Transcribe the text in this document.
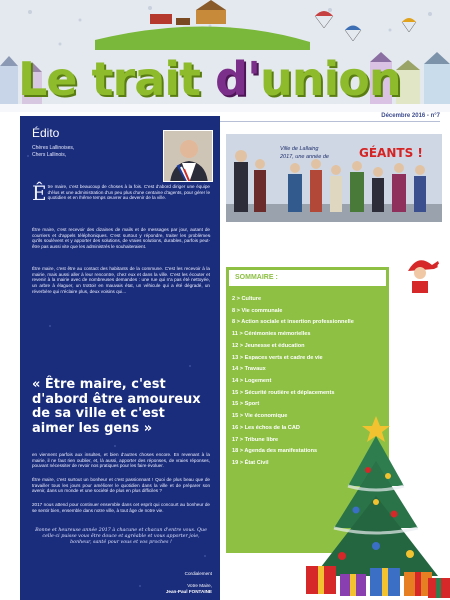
Le trait d'union
Décembre 2016 - n°7
Édito
Chères Lallinoises,
Chers Lallinois,

Être maire, c'est beaucoup de choses à la fois. C'est d'abord diriger une équipe d'élus et une administration d'un peu plus d'une centaine d'agents, pour gérer le quotidien et en même temps œuvrer au devenir de la ville.

Être maire, c'est recevoir des dizaines de mails et de messages par jour, autant de courriers et d'appels téléphoniques. C'est surtout y répondre, traiter les problèmes qu'ils soulèvent et y apporter des solutions, de vraies solutions, durables, parfois peut-être pas aussi vite que les administrés le souhaiteraient.

Être maire, c'est être au contact des habitants de la commune. C'est les recevoir à la mairie, mais aussi aller à leur rencontre, chez eux et dans la ville. C'est les écouter et revenir à la mairie avec de nombreuses demandes : une rue qui n'a pas été nettoyée, un arbre à élaguer, un trottoir en mauvais état, un véhicule qui a été dégradé, un réverbère qui n'éclaire plus, deux voisins qui...

« Être maire, c'est d'abord être amoureux de sa ville et c'est aimer les gens »

en viennent parfois aux insultes, et bien d'autres choses encore. En revenant à la mairie, il ne faut rien oublier, et, là aussi, apporter des réponses, de vraies réponses, pouvant nécessiter de revoir nos pratiques pour les faire évoluer.

Être maire, c'est surtout un bonheur et c'est passionnant ! Quoi de plus beau que de travailler tous les jours pour améliorer le quotidien dans la ville et de préparer son avenir, dans un monde et une société de plus en plus difficiles ?

2017 nous attend pour continuer ensemble dans cet esprit qui concourt au bonheur de se sentir bien, ensemble dans notre ville, à tout âge de notre vie.

Bonne et heureuse année 2017 à chacune et chacun d'entre vous. Que celle-ci puisse vous être douce et agréable et vous apporter joie, bonheur, santé pour vous et vos proches !
Cordialement
Votre Maire,
Jean-Paul FONTAINE
Ville de Lallaing
2017, une année de	GÉANTS !
SOMMAIRE :
2 > Culture
8 > Vie communale
8 > Action sociale et insertion professionnelle
11 > Cérémonies mémorielles
12 > Jeunesse et éducation
13 > Espaces verts et cadre de vie
14 > Travaux
14 > Logement
15 > Sécurité routière et déplacements
15 > Sport
15 > Vie économique
16 > Les échos de la CAD
17 > Tribune libre
18 > Agenda des manifestations
19 > État Civil
